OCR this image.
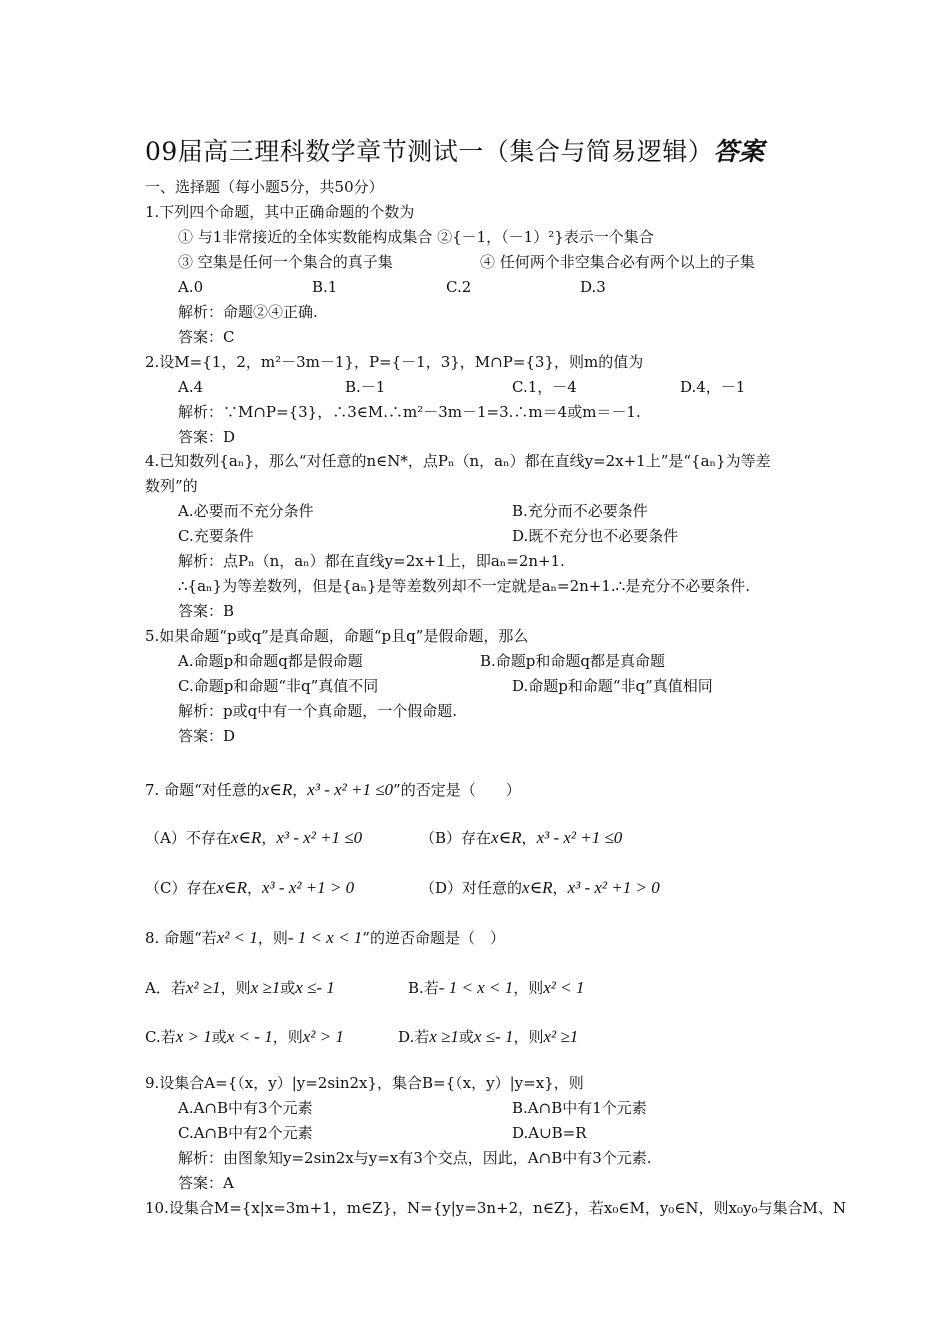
09届高三理科数学章节测试一（集合与简易逻辑）答案
一、选择题（每小题5分，共50分）
1.下列四个命题，其中正确命题的个数为
① 与1非常接近的全体实数能构成集合 ②{－1，（－1）²}表示一个集合
③ 空集是任何一个集合的真子集	④ 任何两个非空集合必有两个以上的子集
A.0	B.1	C.2	D.3
解析：命题②④正确.
答案：C
2.设M={1，2，m²－3m－1}，P={－1，3}，M∩P={3}，则m的值为
A.4	B.－1	C.1，－4	D.4，－1
解析：∵M∩P={3}，∴3∈M.∴m²－3m－1=3.∴m＝4或m＝－1.
答案：D
4.已知数列{aₙ}，那么“对任意的n∈N*，点Pₙ（n，aₙ）都在直线y=2x+1上”是“{aₙ}为等差
数列”的
A.必要而不充分条件	B.充分而不必要条件
C.充要条件	D.既不充分也不必要条件
解析：点Pₙ（n，aₙ）都在直线y=2x+1上，即aₙ=2n+1.
∴{aₙ}为等差数列，但是{aₙ}是等差数列却不一定就是aₙ=2n+1.∴是充分不必要条件.
答案：B
5.如果命题“p或q”是真命题，命题“p且q”是假命题，那么
A.命题p和命题q都是假命题	B.命题p和命题q都是真命题
C.命题p和命题“非q”真值不同	D.命题p和命题“非q”真值相同
解析：p或q中有一个真命题，一个假命题.
答案：D
7. 命题“对任意的x∈R，x³ - x² +1 ≤0”的否定是（　　）
（A）不存在x∈R，x³ - x² +1 ≤0	（B）存在x∈R，x³ - x² +1 ≤0
（C）存在x∈R，x³ - x² +1 > 0	（D）对任意的x∈R，x³ - x² +1 > 0
8. 命题“若x² < 1，则- 1 < x < 1”的逆否命题是（　）
A．若x² ≥1，则x ≥1或x ≤- 1	B.若- 1 < x < 1，则x² < 1
C.若x > 1或x < - 1，则x² > 1	D.若x ≥1或x ≤- 1，则x² ≥1
9.设集合A={（x，y）|y=2sin2x}，集合B={（x，y）|y=x}，则
A.A∩B中有3个元素	B.A∩B中有1个元素
C.A∩B中有2个元素	D.A∪B=R
解析：由图象知y=2sin2x与y=x有3个交点，因此，A∩B中有3个元素.
答案：A
10.设集合M={x|x=3m+1，m∈Z}，N={y|y=3n+2，n∈Z}，若x₀∈M，y₀∈N，则x₀y₀与集合M、N
